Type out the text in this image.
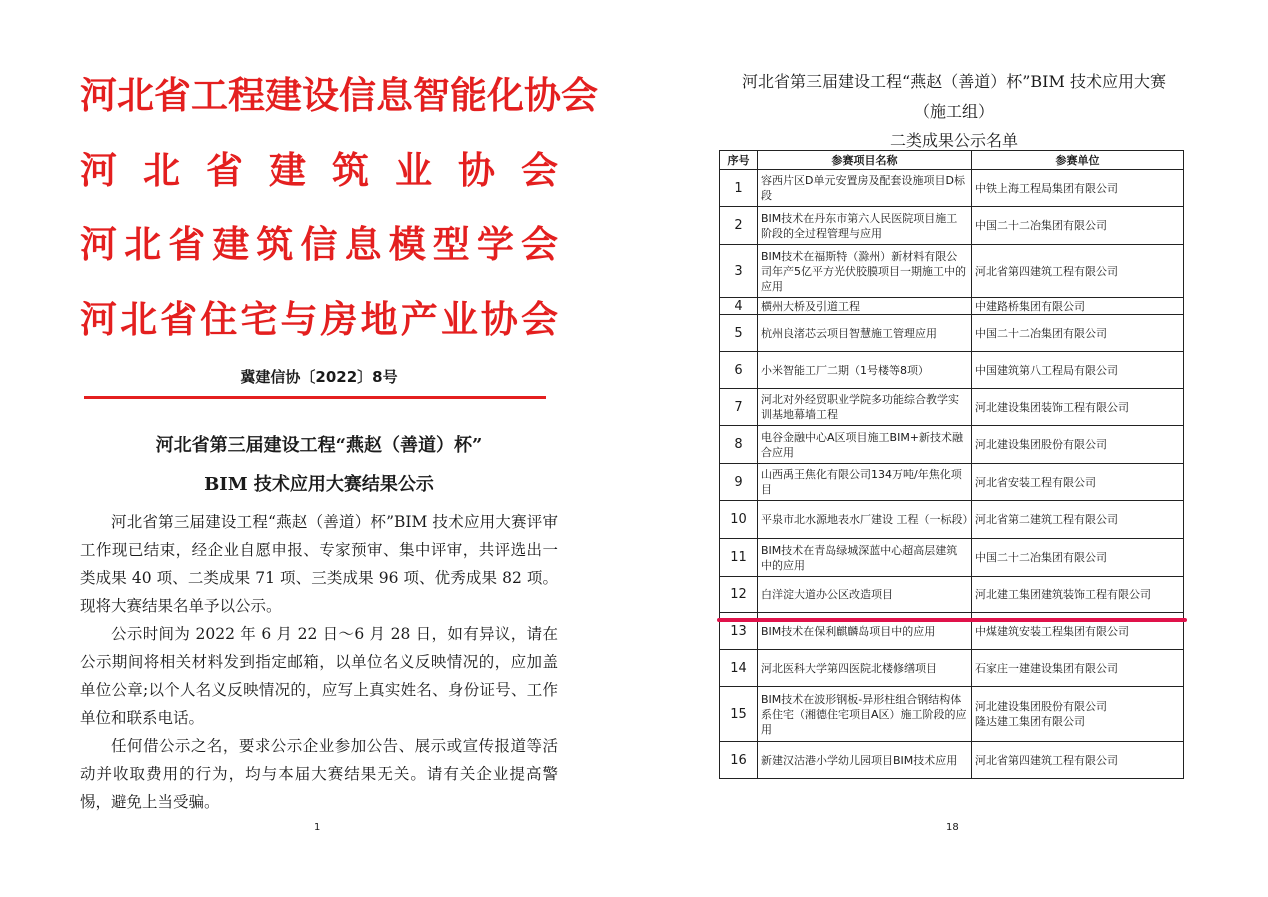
河北省工程建设信息智能化协会
河北省建筑业协会
河北省建筑信息模型学会
河北省住宅与房地产业协会
冀建信协〔2022〕8号
河北省第三届建设工程“燕赵（善道）杯”
BIM 技术应用大赛结果公示
河北省第三届建设工程“燕赵（善道）杯”BIM 技术应用大赛评审工作现已结束，经企业自愿申报、专家预审、集中评审，共评选出一类成果 40 项、二类成果 71 项、三类成果 96 项、优秀成果 82 项。现将大赛结果名单予以公示。
公示时间为 2022 年 6 月 22 日～6 月 28 日，如有异议，请在公示期间将相关材料发到指定邮箱，以单位名义反映情况的，应加盖单位公章;以个人名义反映情况的，应写上真实姓名、身份证号、工作单位和联系电话。
任何借公示之名，要求公示企业参加公告、展示或宣传报道等活动并收取费用的行为，均与本届大赛结果无关。请有关企业提高警惕，避免上当受骗。
1
河北省第三届建设工程“燕赵（善道）杯”BIM 技术应用大赛
（施工组）
二类成果公示名单
18
序号	参赛项目名称	参赛单位
1	容西片区D单元安置房及配套设施项目D标段	中铁上海工程局集团有限公司
2	BIM技术在丹东市第六人民医院项目施工阶段的全过程管理与应用	中国二十二冶集团有限公司
3	BIM技术在福斯特（滁州）新材料有限公司年产5亿平方光伏胶膜项目一期施工中的应用	河北省第四建筑工程有限公司
4	横州大桥及引道工程	中建路桥集团有限公司
5	杭州良渚芯云项目智慧施工管理应用	中国二十二冶集团有限公司
6	小米智能工厂二期（1号楼等8项）	中国建筑第八工程局有限公司
7	河北对外经贸职业学院多功能综合教学实训基地幕墙工程	河北建设集团装饰工程有限公司
8	电谷金融中心A区项目施工BIM+新技术融合应用	河北建设集团股份有限公司
9	山西禹王焦化有限公司134万吨/年焦化项目	河北省安装工程有限公司
10	平泉市北水源地表水厂建设 工程（一标段）	河北省第二建筑工程有限公司
11	BIM技术在青岛绿城深蓝中心超高层建筑中的应用	中国二十二冶集团有限公司
12	白洋淀大道办公区改造项目	河北建工集团建筑装饰工程有限公司
13	BIM技术在保利麒麟岛项目中的应用	中煤建筑安装工程集团有限公司
14	河北医科大学第四医院北楼修缮项目	石家庄一建建设集团有限公司
15	BIM技术在波形钢板-异形柱组合钢结构体系住宅（湘德住宅项目A区）施工阶段的应用	河北建设集团股份有限公司
隆达建工集团有限公司
16	新建汉沽港小学幼儿园项目BIM技术应用	河北省第四建筑工程有限公司
